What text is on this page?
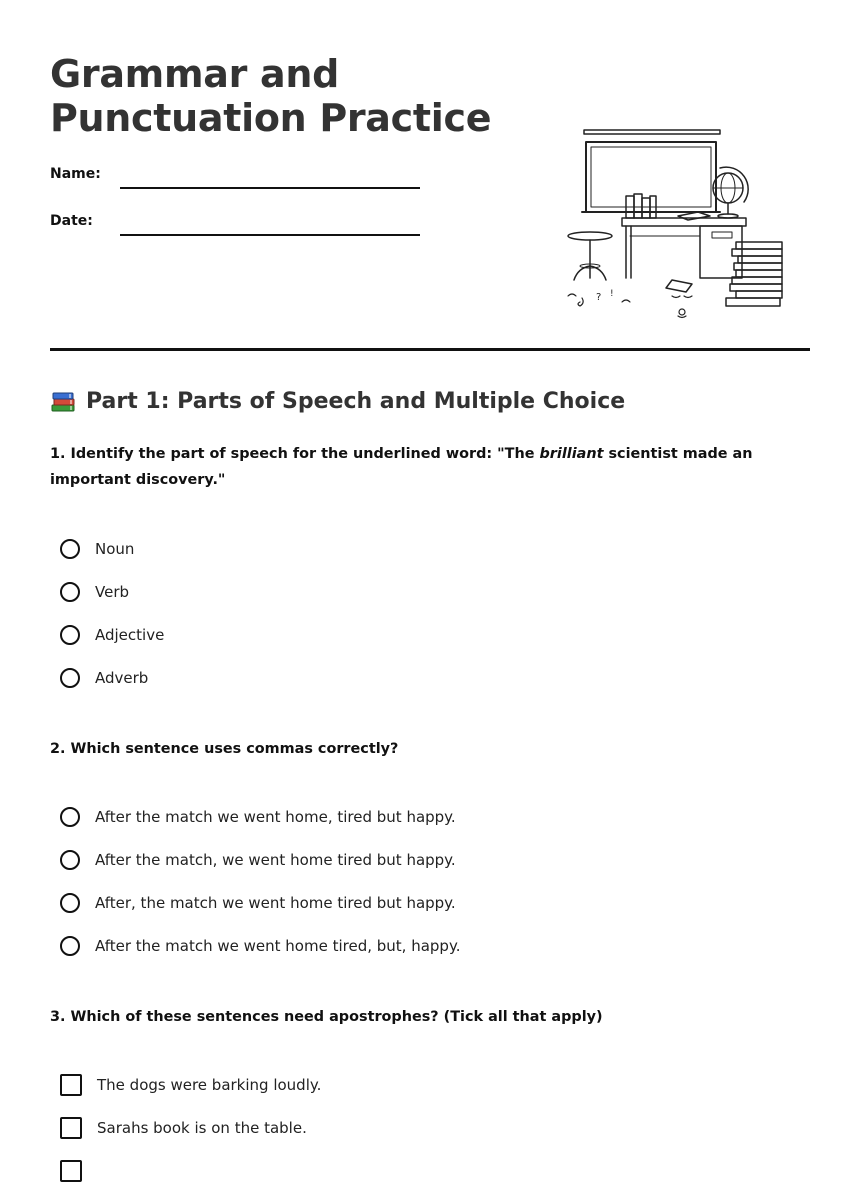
Grammar and
Punctuation Practice
Name:
Date:
? !
Part 1: Parts of Speech and Multiple Choice

1. Identify the part of speech for the underlined word: "The brilliant scientist made an important discovery."

Noun
Verb
Adjective
Adverb

2. Which sentence uses commas correctly?

After the match we went home, tired but happy.
After the match, we went home tired but happy.
After, the match we went home tired but happy.
After the match we went home tired, but, happy.

3. Which of these sentences need apostrophes? (Tick all that apply)

The dogs were barking loudly.
Sarahs book is on the table.
